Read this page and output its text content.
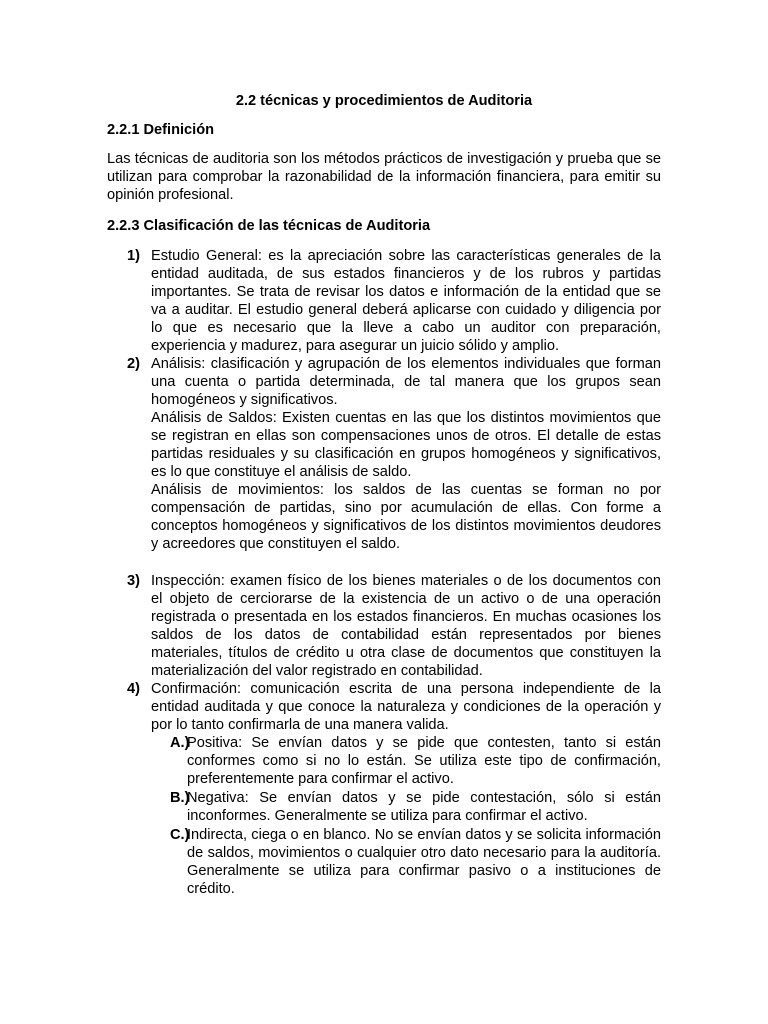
2.2 técnicas y procedimientos de Auditoria
2.2.1 Definición

Las técnicas de auditoria son los métodos prácticos de investigación y prueba que se utilizan para comprobar la razonabilidad de la información financiera, para emitir su opinión profesional.

2.2.3 Clasificación de las técnicas de Auditoria
1) Estudio General: es la apreciación sobre las características generales de la entidad auditada, de sus estados financieros y de los rubros y partidas importantes. Se trata de revisar los datos e información de la entidad que se va a auditar. El estudio general deberá aplicarse con cuidado y diligencia por lo que es necesario que la lleve a cabo un auditor con preparación, experiencia y madurez, para asegurar un juicio sólido y amplio.
2) Análisis: clasificación y agrupación de los elementos individuales que forman una cuenta o partida determinada, de tal manera que los grupos sean homogéneos y significativos.
Análisis de Saldos: Existen cuentas en las que los distintos movimientos que se registran en ellas son compensaciones unos de otros. El detalle de estas partidas residuales y su clasificación en grupos homogéneos y significativos, es lo que constituye el análisis de saldo.
Análisis de movimientos: los saldos de las cuentas se forman no por compensación de partidas, sino por acumulación de ellas. Con forme a conceptos homogéneos y significativos de los distintos movimientos deudores y acreedores que constituyen el saldo.
3) Inspección: examen físico de los bienes materiales o de los documentos con el objeto de cerciorarse de la existencia de un activo o de una operación registrada o presentada en los estados financieros. En muchas ocasiones los saldos de los datos de contabilidad están representados por bienes materiales, títulos de crédito u otra clase de documentos que constituyen la materialización del valor registrado en contabilidad.
4) Confirmación: comunicación escrita de una persona independiente de la entidad auditada y que conoce la naturaleza y condiciones de la operación y por lo tanto confirmarla de una manera valida.
A.)
Positiva: Se envían datos y se pide que contesten, tanto si están conformes como si no lo están. Se utiliza este tipo de confirmación, preferentemente para confirmar el activo.
B.)
Negativa: Se envían datos y se pide contestación, sólo si están inconformes. Generalmente se utiliza para confirmar el activo.
C.)
Indirecta, ciega o en blanco. No se envían datos y se solicita información de saldos, movimientos o cualquier otro dato necesario para la auditoría. Generalmente se utiliza para confirmar pasivo o a instituciones de crédito.
